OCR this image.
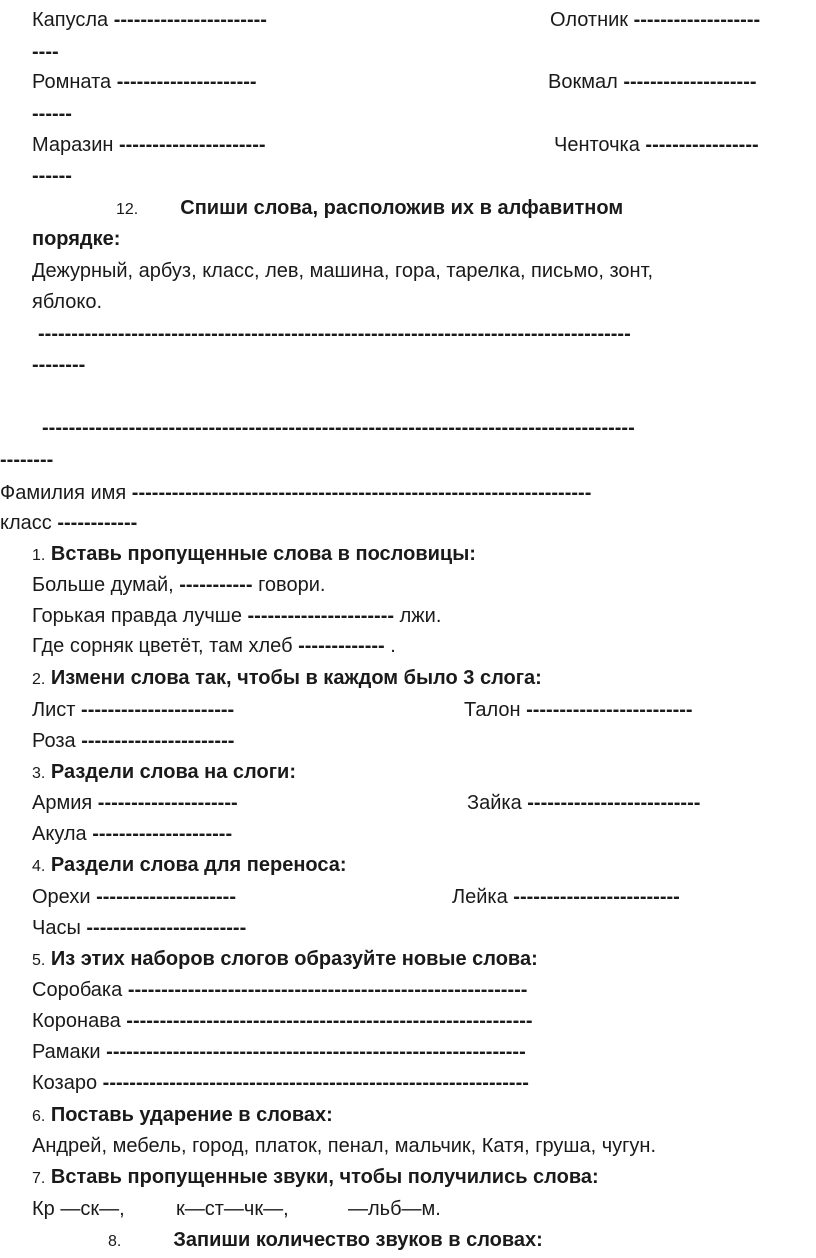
Капусла -----------------------	Олотник -------------------
----
Ромната ---------------------	Вокмал --------------------
------
Маразин ----------------------	Ченточка -----------------
------
12. Спиши слова, расположив их в алфавитном
порядке:
Дежурный, арбуз, класс, лев, машина, гора, тарелка, письмо, зонт,
яблоко.
-----------------------------------------------------------------------------------------
--------
-----------------------------------------------------------------------------------------
--------
Фамилия имя ---------------------------------------------------------------------
класс ------------
1. Вставь пропущенные слова в пословицы:
Больше думай, ----------- говори.
Горькая правда лучше ---------------------- лжи.
Где сорняк цветёт, там хлеб ------------- .
2. Измени слова так, чтобы в каждом было 3 слога:
Лист -----------------------	Талон -------------------------
Роза -----------------------
3. Раздели слова на слоги:
Армия ---------------------	Зайка --------------------------
Акула ---------------------
4. Раздели слова для переноса:
Орехи ---------------------	Лейка -------------------------
Часы ------------------------
5. Из этих наборов слогов образуйте новые слова:
Соробака ------------------------------------------------------------
Коронава -------------------------------------------------------------
Рамаки ---------------------------------------------------------------
Козаро ----------------------------------------------------------------
6. Поставь ударение в словах:
Андрей, мебель, город, платок, пенал, мальчик, Катя, груша, чугун.
7. Вставь пропущенные звуки, чтобы получились слова:
Кр —ск—,	к—ст—чк—,	—льб—м.
8.	Запиши количество звуков в словах:
